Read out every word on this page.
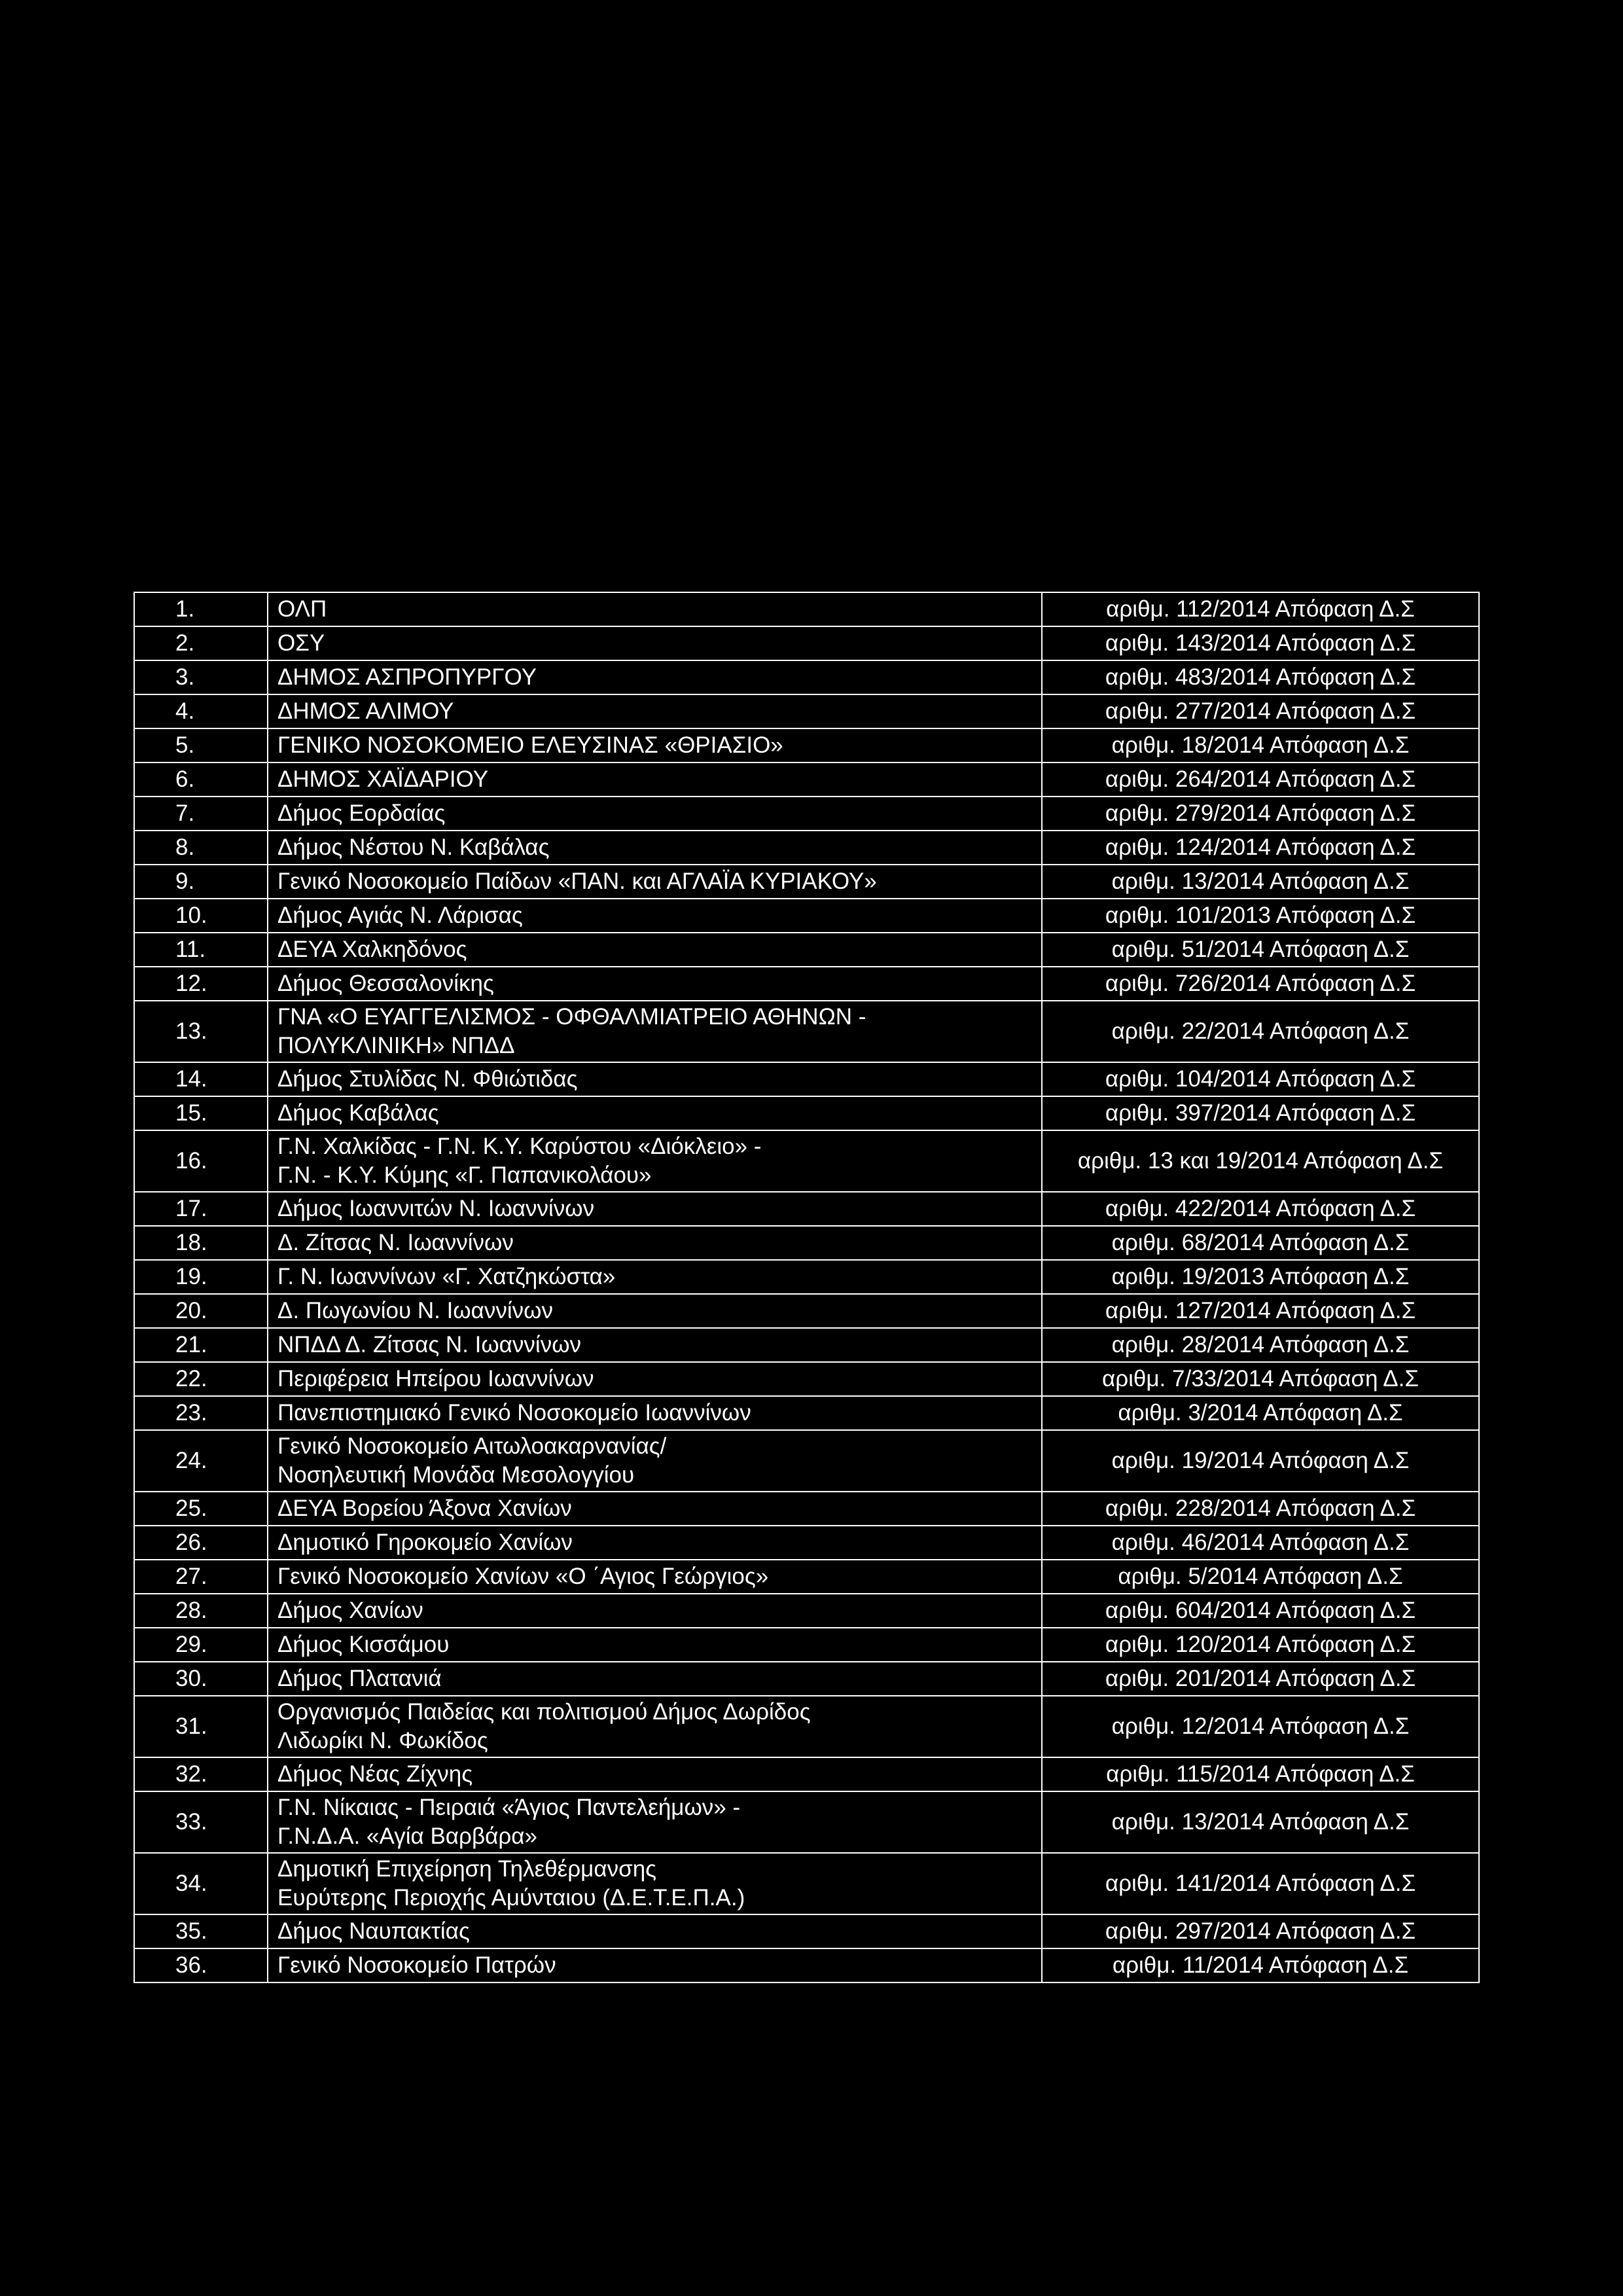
1.	ΟΛΠ	αριθμ. 112/2014 Απόφαση Δ.Σ
2.	ΟΣΥ	αριθμ. 143/2014 Απόφαση Δ.Σ
3.	ΔΗΜΟΣ ΑΣΠΡΟΠΥΡΓΟΥ	αριθμ. 483/2014 Απόφαση Δ.Σ
4.	ΔΗΜΟΣ ΑΛΙΜΟΥ	αριθμ. 277/2014 Απόφαση Δ.Σ
5.	ΓΕΝΙΚΟ ΝΟΣΟΚΟΜΕΙΟ ΕΛΕΥΣΙΝΑΣ «ΘΡΙΑΣΙΟ»	αριθμ. 18/2014 Απόφαση Δ.Σ
6.	ΔΗΜΟΣ ΧΑΪΔΑΡΙΟΥ	αριθμ. 264/2014 Απόφαση Δ.Σ
7.	Δήμος Εορδαίας	αριθμ. 279/2014 Απόφαση Δ.Σ
8.	Δήμος Νέστου Ν. Καβάλας	αριθμ. 124/2014 Απόφαση Δ.Σ
9.	Γενικό Νοσοκομείο Παίδων «ΠΑΝ. και ΑΓΛΑΪΑ ΚΥΡΙΑΚΟΥ»	αριθμ. 13/2014 Απόφαση Δ.Σ
10.	Δήμος Αγιάς Ν. Λάρισας	αριθμ. 101/2013 Απόφαση Δ.Σ
11.	ΔΕΥΑ Χαλκηδόνος	αριθμ. 51/2014 Απόφαση Δ.Σ
12.	Δήμος Θεσσαλονίκης	αριθμ. 726/2014 Απόφαση Δ.Σ
13.	ΓΝΑ «Ο ΕΥΑΓΓΕΛΙΣΜΟΣ - ΟΦΘΑΛΜΙΑΤΡΕΙΟ ΑΘΗΝΩΝ -
ΠΟΛΥΚΛΙΝΙΚΗ» ΝΠΔΔ	αριθμ. 22/2014 Απόφαση Δ.Σ
14.	Δήμος Στυλίδας Ν. Φθιώτιδας	αριθμ. 104/2014 Απόφαση Δ.Σ
15.	Δήμος Καβάλας	αριθμ. 397/2014 Απόφαση Δ.Σ
16.	Γ.Ν. Χαλκίδας - Γ.Ν. Κ.Υ. Καρύστου «Διόκλειο» -
Γ.Ν. - Κ.Υ. Κύμης «Γ. Παπανικολάου»	αριθμ. 13 και 19/2014 Απόφαση Δ.Σ
17.	Δήμος Ιωαννιτών Ν. Ιωαννίνων	αριθμ. 422/2014 Απόφαση Δ.Σ
18.	Δ. Ζίτσας Ν. Ιωαννίνων	αριθμ. 68/2014 Απόφαση Δ.Σ
19.	Γ. Ν. Ιωαννίνων «Γ. Χατζηκώστα»	αριθμ. 19/2013 Απόφαση Δ.Σ
20.	Δ. Πωγωνίου Ν. Ιωαννίνων	αριθμ. 127/2014 Απόφαση Δ.Σ
21.	ΝΠΔΔ Δ. Ζίτσας Ν. Ιωαννίνων	αριθμ. 28/2014 Απόφαση Δ.Σ
22.	Περιφέρεια Ηπείρου Ιωαννίνων	αριθμ. 7/33/2014 Απόφαση Δ.Σ
23.	Πανεπιστημιακό Γενικό Νοσοκομείο Ιωαννίνων	αριθμ. 3/2014 Απόφαση Δ.Σ
24.	Γενικό Νοσοκομείο Αιτωλοακαρνανίας/
Νοσηλευτική Μονάδα Μεσολογγίου	αριθμ. 19/2014 Απόφαση Δ.Σ
25.	ΔΕΥΑ Βορείου Άξονα Χανίων	αριθμ. 228/2014 Απόφαση Δ.Σ
26.	Δημοτικό Γηροκομείο Χανίων	αριθμ. 46/2014 Απόφαση Δ.Σ
27.	Γενικό Νοσοκομείο Χανίων «Ο ΄Αγιος Γεώργιος»	αριθμ. 5/2014 Απόφαση Δ.Σ
28.	Δήμος Χανίων	αριθμ. 604/2014 Απόφαση Δ.Σ
29.	Δήμος Κισσάμου	αριθμ. 120/2014 Απόφαση Δ.Σ
30.	Δήμος Πλατανιά	αριθμ. 201/2014 Απόφαση Δ.Σ
31.	Οργανισμός Παιδείας και πολιτισμού Δήμος Δωρίδος
Λιδωρίκι Ν. Φωκίδος	αριθμ. 12/2014 Απόφαση Δ.Σ
32.	Δήμος Νέας Ζίχνης	αριθμ. 115/2014 Απόφαση Δ.Σ
33.	Γ.Ν. Νίκαιας - Πειραιά «Άγιος Παντελεήμων» -
Γ.Ν.Δ.Α. «Αγία Βαρβάρα»	αριθμ. 13/2014 Απόφαση Δ.Σ
34.	Δημοτική Επιχείρηση Τηλεθέρμανσης
Ευρύτερης Περιοχής Αμύνταιου (Δ.Ε.Τ.Ε.Π.Α.)	αριθμ. 141/2014 Απόφαση Δ.Σ
35.	Δήμος Ναυπακτίας	αριθμ. 297/2014 Απόφαση Δ.Σ
36.	Γενικό Νοσοκομείο Πατρών	αριθμ. 11/2014 Απόφαση Δ.Σ
